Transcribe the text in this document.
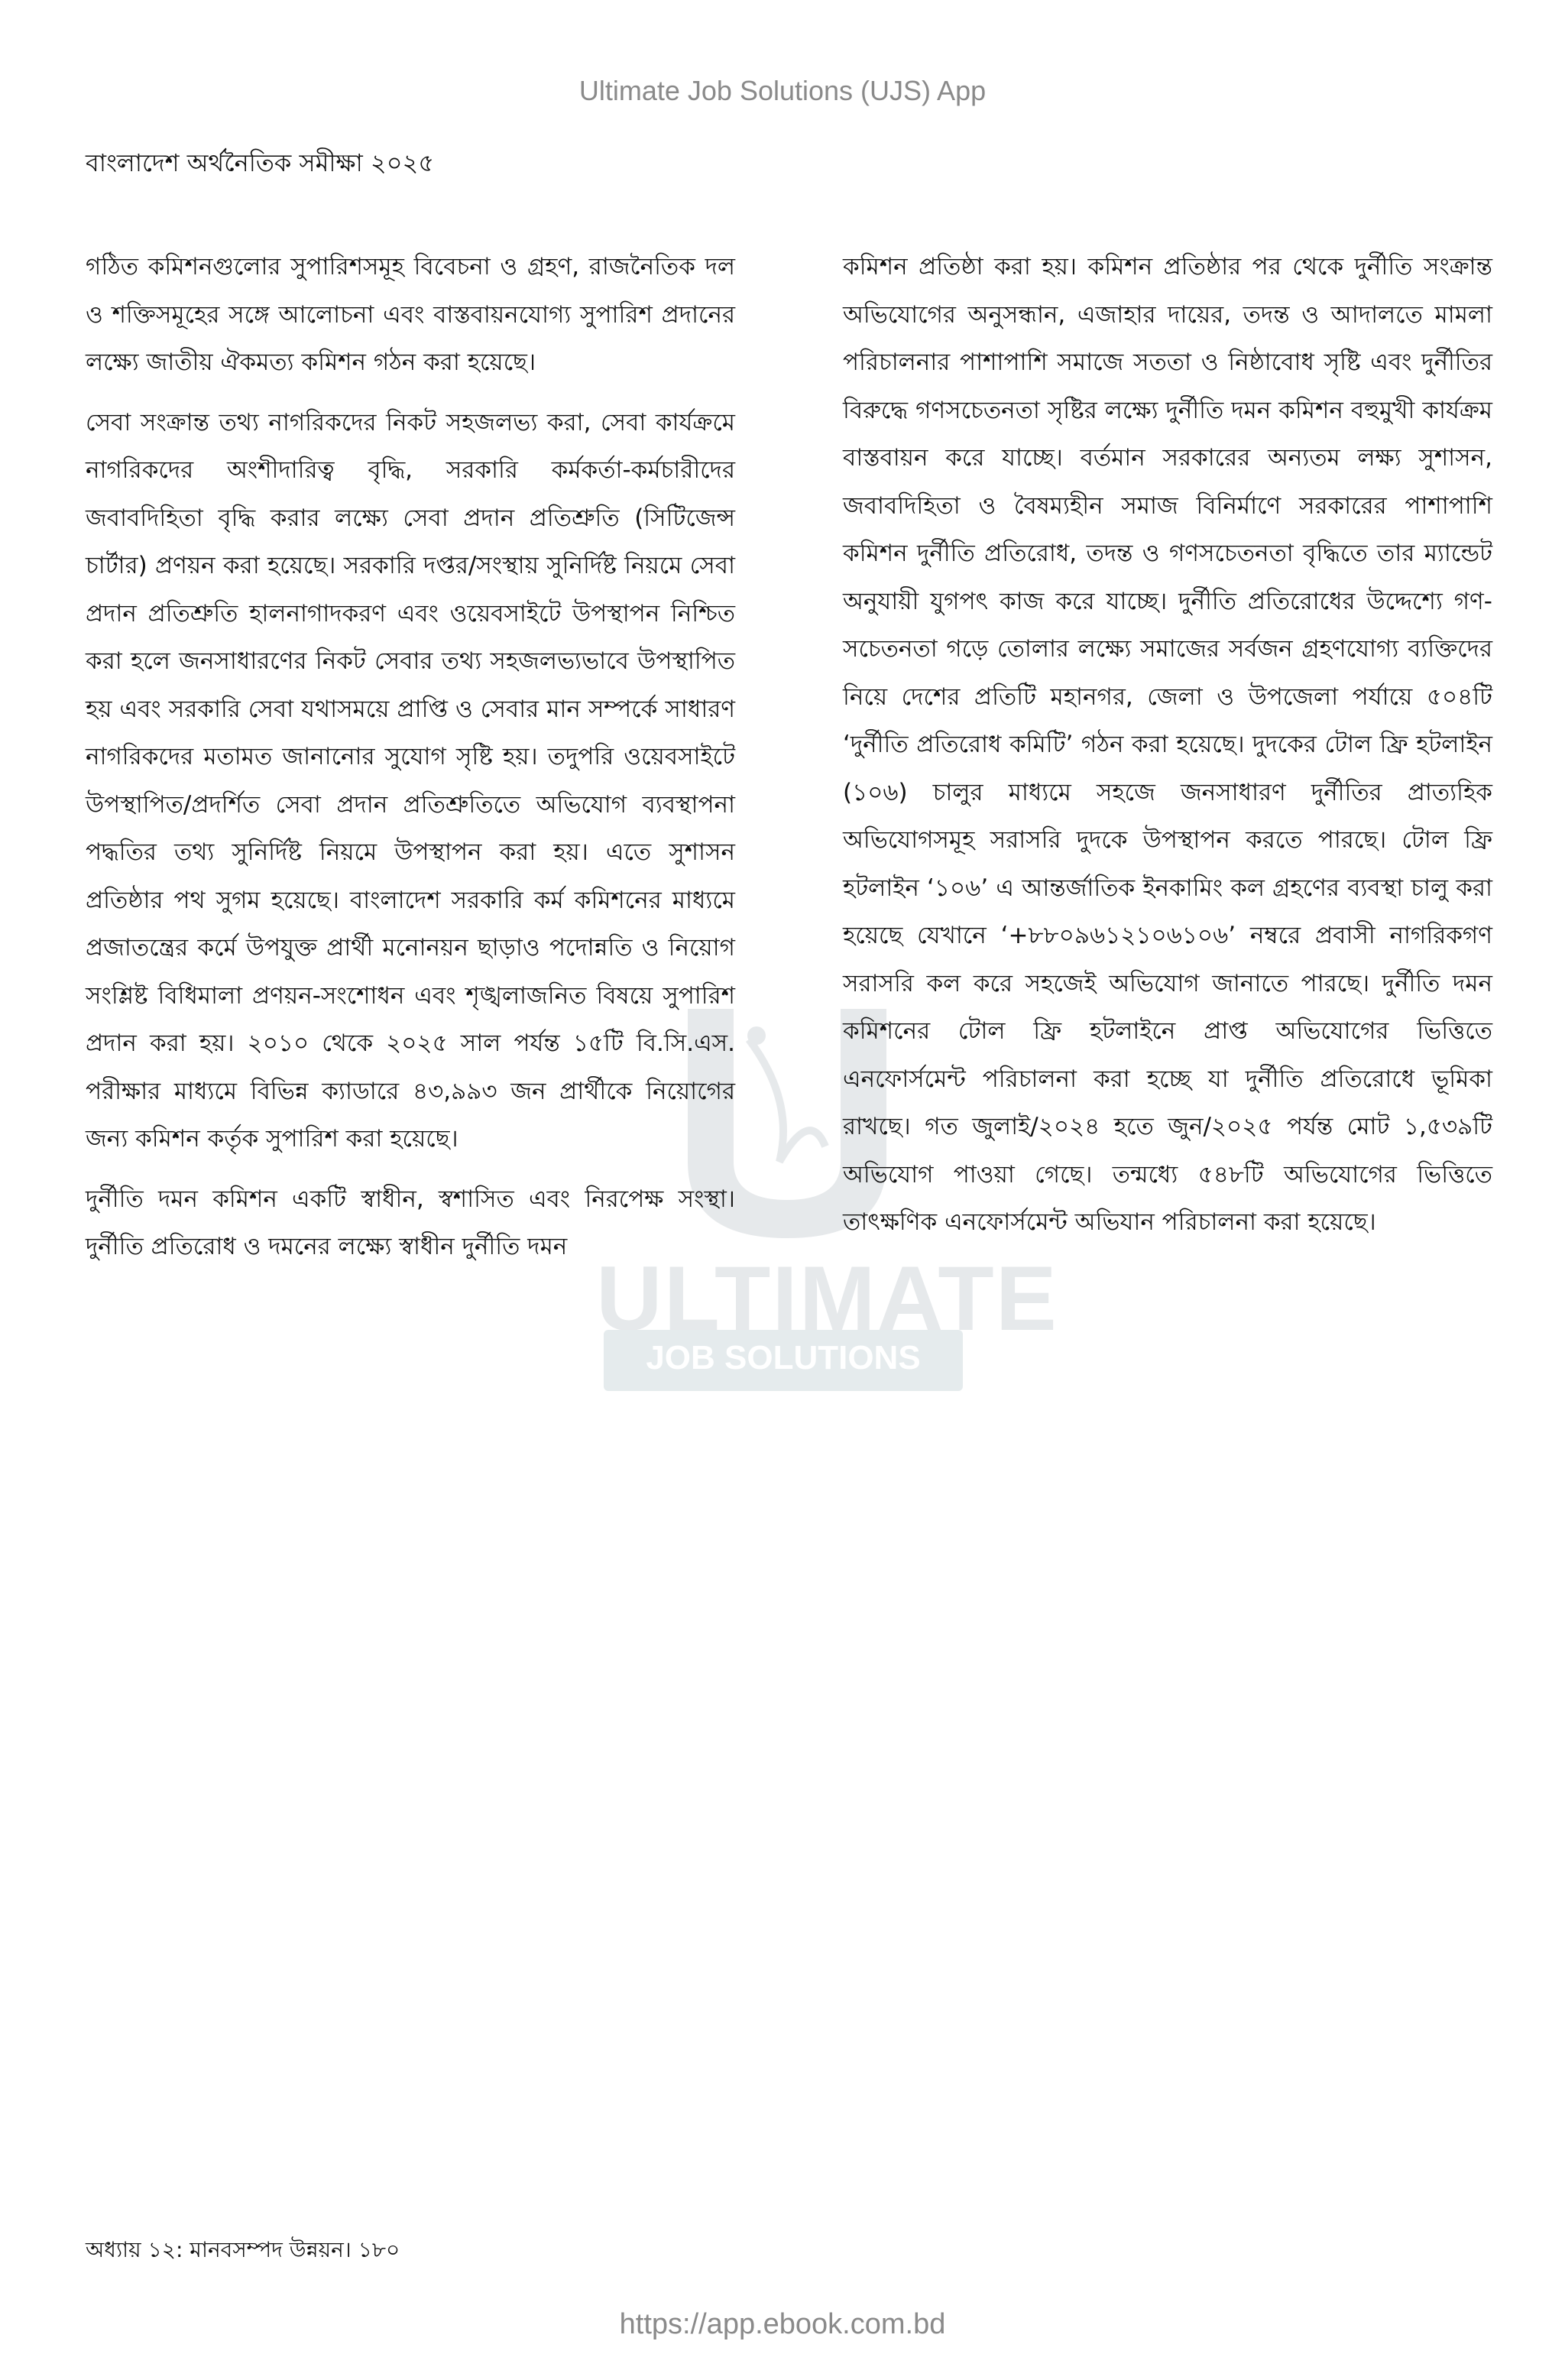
Ultimate Job Solutions (UJS) App
বাংলাদেশ অর্থনৈতিক সমীক্ষা ২০২৫
ULTIMATE
JOB SOLUTIONS

গঠিত কমিশনগুলোর সুপারিশসমূহ বিবেচনা ও গ্রহণ, রাজনৈতিক দল ও শক্তিসমূহের সঙ্গে আলোচনা এবং বাস্তবায়নযোগ্য সুপারিশ প্রদানের লক্ষ্যে জাতীয় ঐকমত্য কমিশন গঠন করা হয়েছে।

সেবা সংক্রান্ত তথ্য নাগরিকদের নিকট সহজলভ্য করা, সেবা কার্যক্রমে নাগরিকদের অংশীদারিত্ব বৃদ্ধি, সরকারি কর্মকর্তা-কর্মচারীদের জবাবদিহিতা বৃদ্ধি করার লক্ষ্যে সেবা প্রদান প্রতিশ্রুতি (সিটিজেন্স চার্টার) প্রণয়ন করা হয়েছে। সরকারি দপ্তর/সংস্থায় সুনির্দিষ্ট নিয়মে সেবা প্রদান প্রতিশ্রুতি হালনাগাদকরণ এবং ওয়েবসাইটে উপস্থাপন নিশ্চিত করা হলে জনসাধারণের নিকট সেবার তথ্য সহজলভ্যভাবে উপস্থাপিত হয় এবং সরকারি সেবা যথাসময়ে প্রাপ্তি ও সেবার মান সম্পর্কে সাধারণ নাগরিকদের মতামত জানানোর সুযোগ সৃষ্টি হয়। তদুপরি ওয়েবসাইটে উপস্থাপিত/প্রদর্শিত সেবা প্রদান প্রতিশ্রুতিতে অভিযোগ ব্যবস্থাপনা পদ্ধতির তথ্য সুনির্দিষ্ট নিয়মে উপস্থাপন করা হয়। এতে সুশাসন প্রতিষ্ঠার পথ সুগম হয়েছে। বাংলাদেশ সরকারি কর্ম কমিশনের মাধ্যমে প্রজাতন্ত্রের কর্মে উপযুক্ত প্রার্থী মনোনয়ন ছাড়াও পদোন্নতি ও নিয়োগ সংশ্লিষ্ট বিধিমালা প্রণয়ন-সংশোধন এবং শৃঙ্খলাজনিত বিষয়ে সুপারিশ প্রদান করা হয়। ২০১০ থেকে ২০২৫ সাল পর্যন্ত ১৫টি বি.সি.এস. পরীক্ষার মাধ্যমে বিভিন্ন ক্যাডারে ৪৩,৯৯৩ জন প্রার্থীকে নিয়োগের জন্য কমিশন কর্তৃক সুপারিশ করা হয়েছে।

দুর্নীতি দমন কমিশন একটি স্বাধীন, স্বশাসিত এবং নিরপেক্ষ সংস্থা। দুর্নীতি প্রতিরোধ ও দমনের লক্ষ্যে স্বাধীন দুর্নীতি দমন

কমিশন প্রতিষ্ঠা করা হয়। কমিশন প্রতিষ্ঠার পর থেকে দুর্নীতি সংক্রান্ত অভিযোগের অনুসন্ধান, এজাহার দায়ের, তদন্ত ও আদালতে মামলা পরিচালনার পাশাপাশি সমাজে সততা ও নিষ্ঠাবোধ সৃষ্টি এবং দুর্নীতির বিরুদ্ধে গণসচেতনতা সৃষ্টির লক্ষ্যে দুর্নীতি দমন কমিশন বহুমুখী কার্যক্রম বাস্তবায়ন করে যাচ্ছে। বর্তমান সরকারের অন্যতম লক্ষ্য সুশাসন, জবাবদিহিতা ও বৈষম্যহীন সমাজ বিনির্মাণে সরকারের পাশাপাশি কমিশন দুর্নীতি প্রতিরোধ, তদন্ত ও গণসচেতনতা বৃদ্ধিতে তার ম্যান্ডেট অনুযায়ী যুগপৎ কাজ করে যাচ্ছে। দুর্নীতি প্রতিরোধের উদ্দেশ্যে গণ-সচেতনতা গড়ে তোলার লক্ষ্যে সমাজের সর্বজন গ্রহণযোগ্য ব্যক্তিদের নিয়ে দেশের প্রতিটি মহানগর, জেলা ও উপজেলা পর্যায়ে ৫০৪টি ‘দুর্নীতি প্রতিরোধ কমিটি’ গঠন করা হয়েছে। দুদকের টোল ফ্রি হটলাইন (১০৬) চালুর মাধ্যমে সহজে জনসাধারণ দুর্নীতির প্রাত্যহিক অভিযোগসমূহ সরাসরি দুদকে উপস্থাপন করতে পারছে। টোল ফ্রি হটলাইন ‘১০৬’ এ আন্তর্জাতিক ইনকামিং কল গ্রহণের ব্যবস্থা চালু করা হয়েছে যেখানে ‘+৮৮০৯৬১২১০৬১০৬’ নম্বরে প্রবাসী নাগরিকগণ সরাসরি কল করে সহজেই অভিযোগ জানাতে পারছে। দুর্নীতি দমন কমিশনের টোল ফ্রি হটলাইনে প্রাপ্ত অভিযোগের ভিত্তিতে এনফোর্সমেন্ট পরিচালনা করা হচ্ছে যা দুর্নীতি প্রতিরোধে ভূমিকা রাখছে। গত জুলাই/২০২৪ হতে জুন/২০২৫ পর্যন্ত মোট ১,৫৩৯টি অভিযোগ পাওয়া গেছে। তন্মধ্যে ৫৪৮টি অভিযোগের ভিত্তিতে তাৎক্ষণিক এনফোর্সমেন্ট অভিযান পরিচালনা করা হয়েছে।

অধ্যায় ১২: মানবসম্পদ উন্নয়ন। ১৮০
https://app.ebook.com.bd
